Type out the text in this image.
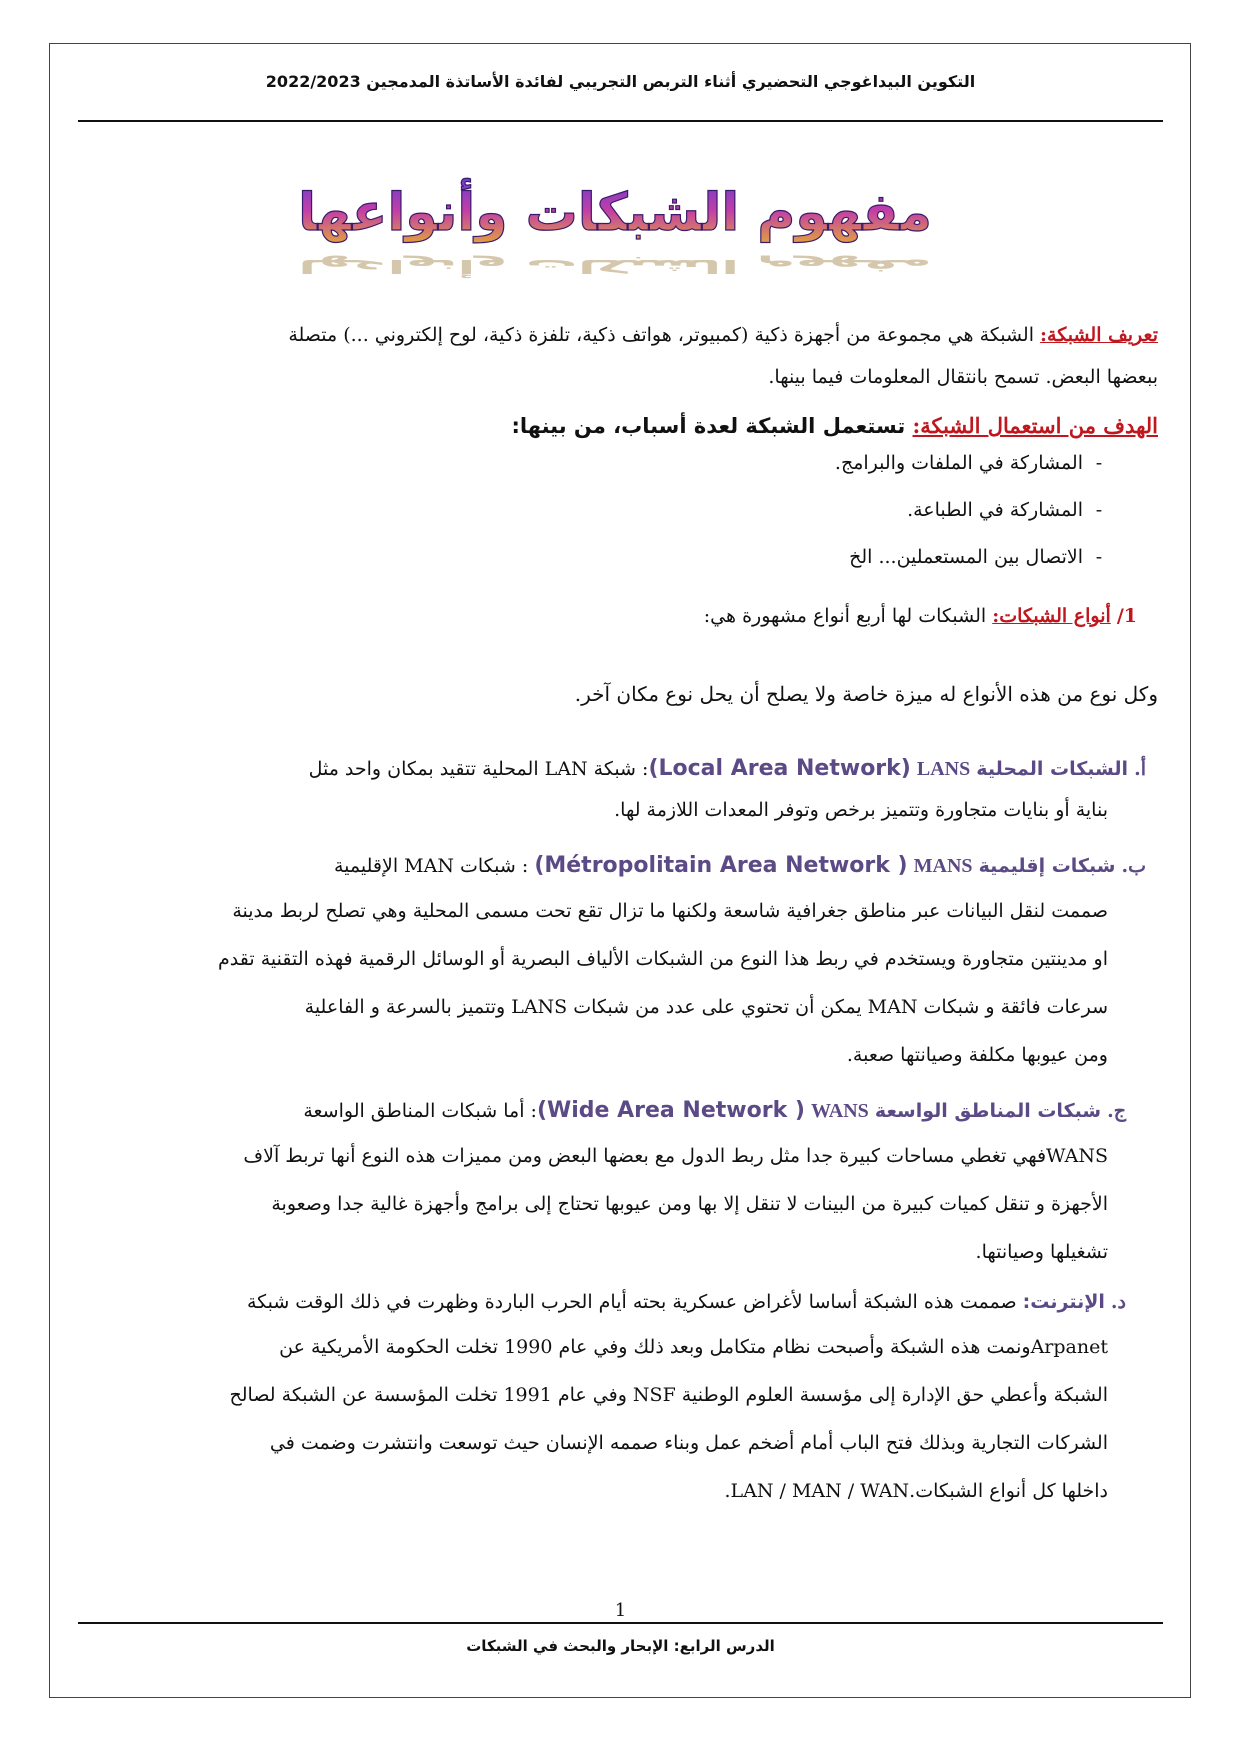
التكوين البيداغوجي التحضيري أثناء التربص التجريبي لفائدة الأساتذة المدمجين 2022/2023
مفهوم الشبكات وأنواعها
مفهوم الشبكات وأنواعها

تعريف الشبكة: الشبكة هي مجموعة من أجهزة ذكية (كمبيوتر، هواتف ذكية، تلفزة ذكية، لوح إلكتروني ...) متصلة

ببعضها البعض. تسمح بانتقال المعلومات فيما بينها.

الهدف من استعمال الشبكة: تستعمل الشبكة لعدة أسباب، من بينها:

-المشاركة في الملفات والبرامج.
-المشاركة في الطباعة.
-الاتصال بين المستعملين... الخ

1/ أنواع الشبكات: الشبكات لها أربع أنواع مشهورة هي:

وكل نوع من هذه الأنواع له ميزة خاصة ولا يصلح أن يحل نوع مكان آخر.

أ. الشبكات المحلية LANS (Local Area Network): شبكة LAN المحلية تتقيد بمكان واحد مثل

بناية أو بنايات متجاورة وتتميز برخص وتوفر المعدات اللازمة لها.

ب. شبكات إقليمية MANS (Métropolitain Area Network ) : شبكات MAN الإقليمية

صممت لنقل البيانات عبر مناطق جغرافية شاسعة ولكنها ما تزال تقع تحت مسمى المحلية وهي تصلح لربط مدينة

او مدينتين متجاورة ويستخدم في ربط هذا النوع من الشبكات الألياف البصرية أو الوسائل الرقمية فهذه التقنية تقدم

سرعات فائقة و شبكات MAN يمكن أن تحتوي على عدد من شبكات LANS وتتميز بالسرعة و الفاعلية

ومن عيوبها مكلفة وصيانتها صعبة.

ج. شبكات المناطق الواسعة WANS (Wide Area Network ): أما شبكات المناطق الواسعة

WANSفهي تغطي مساحات كبيرة جدا مثل ربط الدول مع بعضها البعض ومن مميزات هذه النوع أنها تربط آلاف

الأجهزة و تنقل كميات كبيرة من البينات لا تنقل إلا بها ومن عيوبها تحتاج إلى برامج وأجهزة غالية جدا وصعوبة

تشغيلها وصيانتها.

د. الإنترنت: صممت هذه الشبكة أساسا لأغراض عسكرية بحته أيام الحرب الباردة وظهرت في ذلك الوقت شبكة

Arpanetونمت هذه الشبكة وأصبحت نظام متكامل وبعد ذلك وفي عام 1990 تخلت الحكومة الأمريكية عن

الشبكة وأعطي حق الإدارة إلى مؤسسة العلوم الوطنية NSF وفي عام 1991 تخلت المؤسسة عن الشبكة لصالح

الشركات التجارية وبذلك فتح الباب أمام أضخم عمل وبناء صممه الإنسان حيث توسعت وانتشرت وضمت في

داخلها كل أنواع الشبكات.LAN / MAN / WAN.

1
الدرس الرابع: الإبحار والبحث في الشبكات
